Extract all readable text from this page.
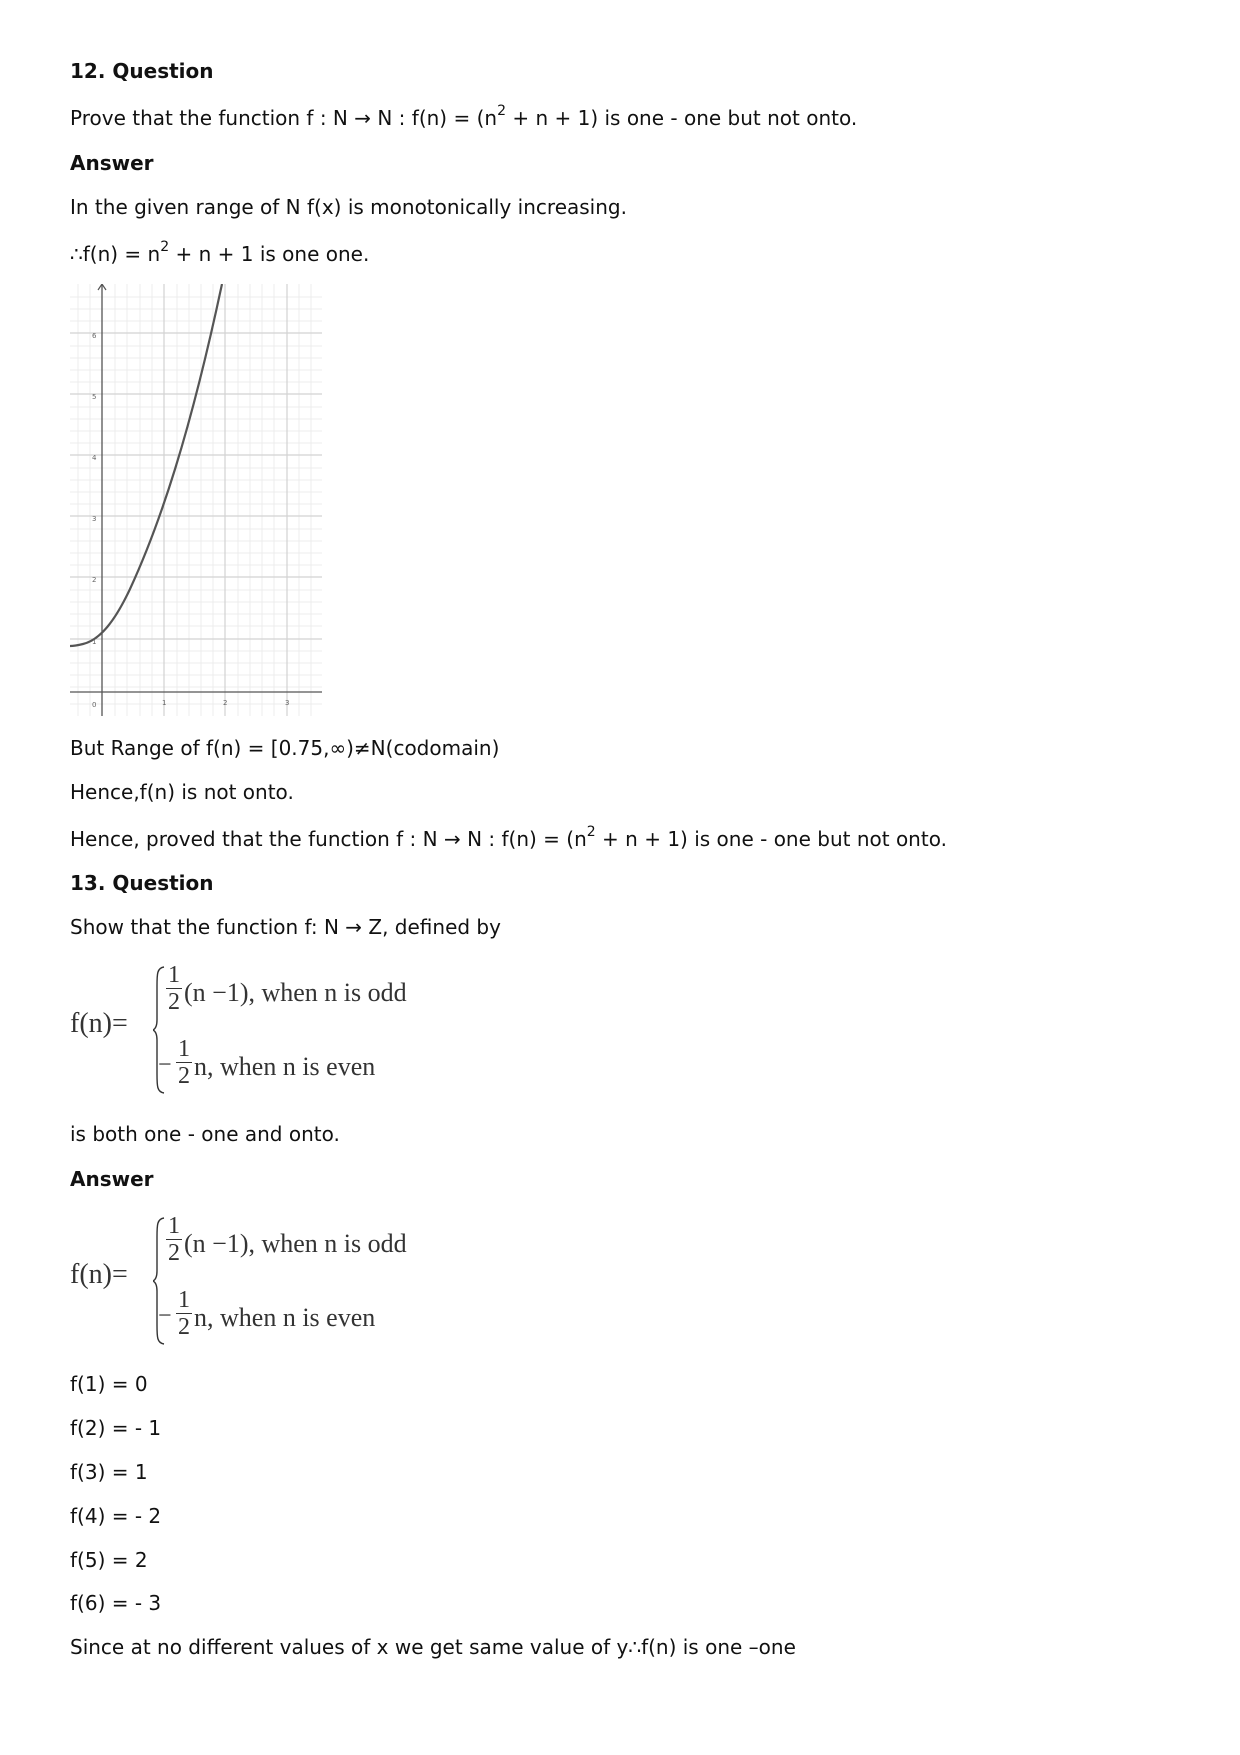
12. Question
Prove that the function f : N → N : $f(n) = (n^2 + n + 1)$ is one - one but not onto.
Answer
In the given range of N f(x) is monotonically increasing.
∴f(n) = $n^2 + n + 1$ is one one.
0	1	2	3
1
2
3
4
5
6
But Range of f(n) = [0.75,∞)≠N(codomain)
Hence,f(n) is not onto.
Hence, proved that the function f : N → N : $f(n) = (n^2 + n + 1)$ is one - one but not onto.
13. Question
Show that the function f: N → Z, defined by
f(n)=
$\frac{1}{2} (n -1)$, when n is odd
− $\frac{1}{2} n$, when n is even
is both one - one and onto.
Answer
f(n)=
$\frac{1}{2} (n -1)$, when n is odd
− $\frac{1}{2} n$, when n is even
f(1) = 0
f(2) = - 1
f(3) = 1
f(4) = - 2
f(5) = 2
f(6) = - 3
Since at no different values of x we get same value of y∴f(n) is one –one
